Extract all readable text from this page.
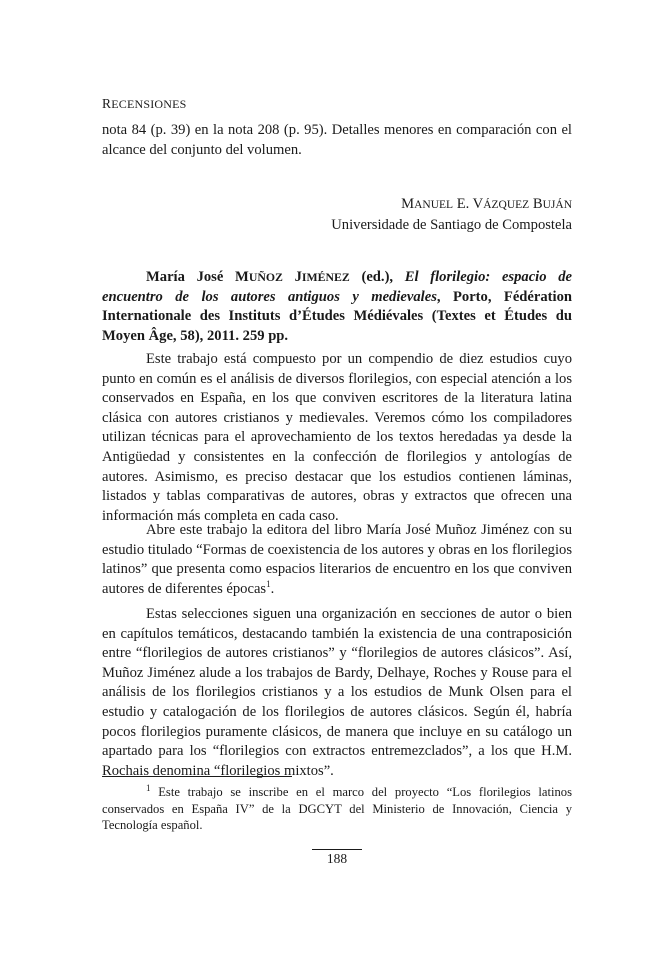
RECENSIONES

nota 84 (p. 39) en la nota 208 (p. 95). Detalles menores en comparación con el alcance del conjunto del volumen.

MANUEL E. VÁZQUEZ BUJÁN
Universidade de Santiago de Compostela

María José MUÑOZ JIMÉNEZ (ed.), El florilegio: espacio de encuentro de los autores antiguos y medievales, Porto, Fédération Internationale des Instituts d’Études Médiévales (Textes et Études du Moyen Âge, 58), 2011. 259 pp.

Este trabajo está compuesto por un compendio de diez estudios cuyo punto en común es el análisis de diversos florilegios, con especial atención a los conservados en España, en los que conviven escritores de la literatura latina clásica con autores cristianos y medievales. Veremos cómo los compiladores utilizan técnicas para el aprovechamiento de los textos heredadas ya desde la Antigüedad y consistentes en la confección de florilegios y antologías de autores. Asimismo, es preciso destacar que los estudios contienen láminas, listados y tablas comparativas de autores, obras y extractos que ofrecen una información más completa en cada caso.

Abre este trabajo la editora del libro María José Muñoz Jiménez con su estudio titulado “Formas de coexistencia de los autores y obras en los florilegios latinos” que presenta como espacios literarios de encuentro en los que conviven autores de diferentes épocas$^1$.

Estas selecciones siguen una organización en secciones de autor o bien en capítulos temáticos, destacando también la existencia de una contraposición entre “florilegios de autores cristianos” y “florilegios de autores clásicos”. Así, Muñoz Jiménez alude a los trabajos de Bardy, Delhaye, Roches y Rouse para el análisis de los florilegios cristianos y a los estudios de Munk Olsen para el estudio y catalogación de los florilegios de autores clásicos. Según él, habría pocos florilegios puramente clásicos, de manera que incluye en su catálogo un apartado para los “florilegios con extractos entremezclados”, a los que H.M. Rochais denomina “florilegios mixtos”.

$^1$ Este trabajo se inscribe en el marco del proyecto “Los florilegios latinos conservados en España IV” de la DGCYT del Ministerio de Innovación, Ciencia y Tecnología español.

188
